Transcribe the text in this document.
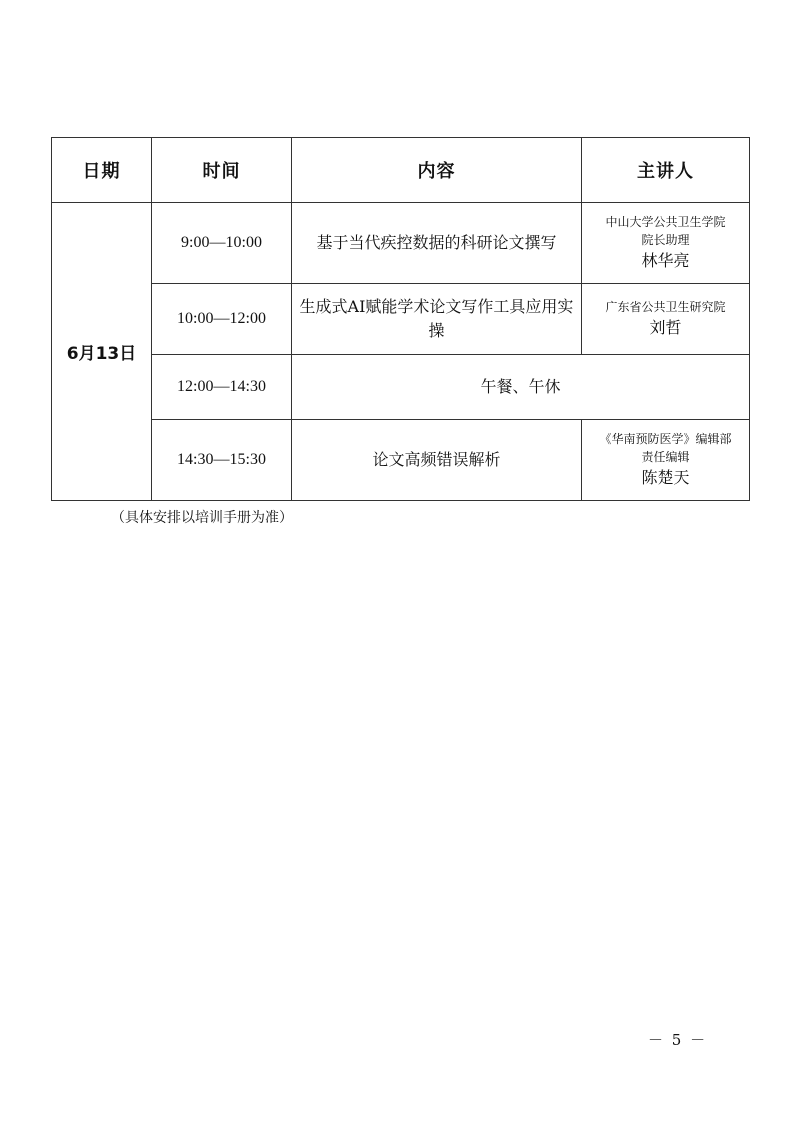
日期	时间	内容	主讲人
6月13日	9:00—10:00	基于当代疾控数据的科研论文撰写	中山大学公共卫生学院
院长助理
林华亮

	10:00—12:00	生成式AI赋能学术论文写作工具应用实操	广东省公共卫生研究院
刘哲

	12:00—14:30	午餐、午休	
	14:30—15:30	论文高频错误解析	《华南预防医学》编辑部
责任编辑
陈楚天
（具体安排以培训手册为准）
－ 5 －
